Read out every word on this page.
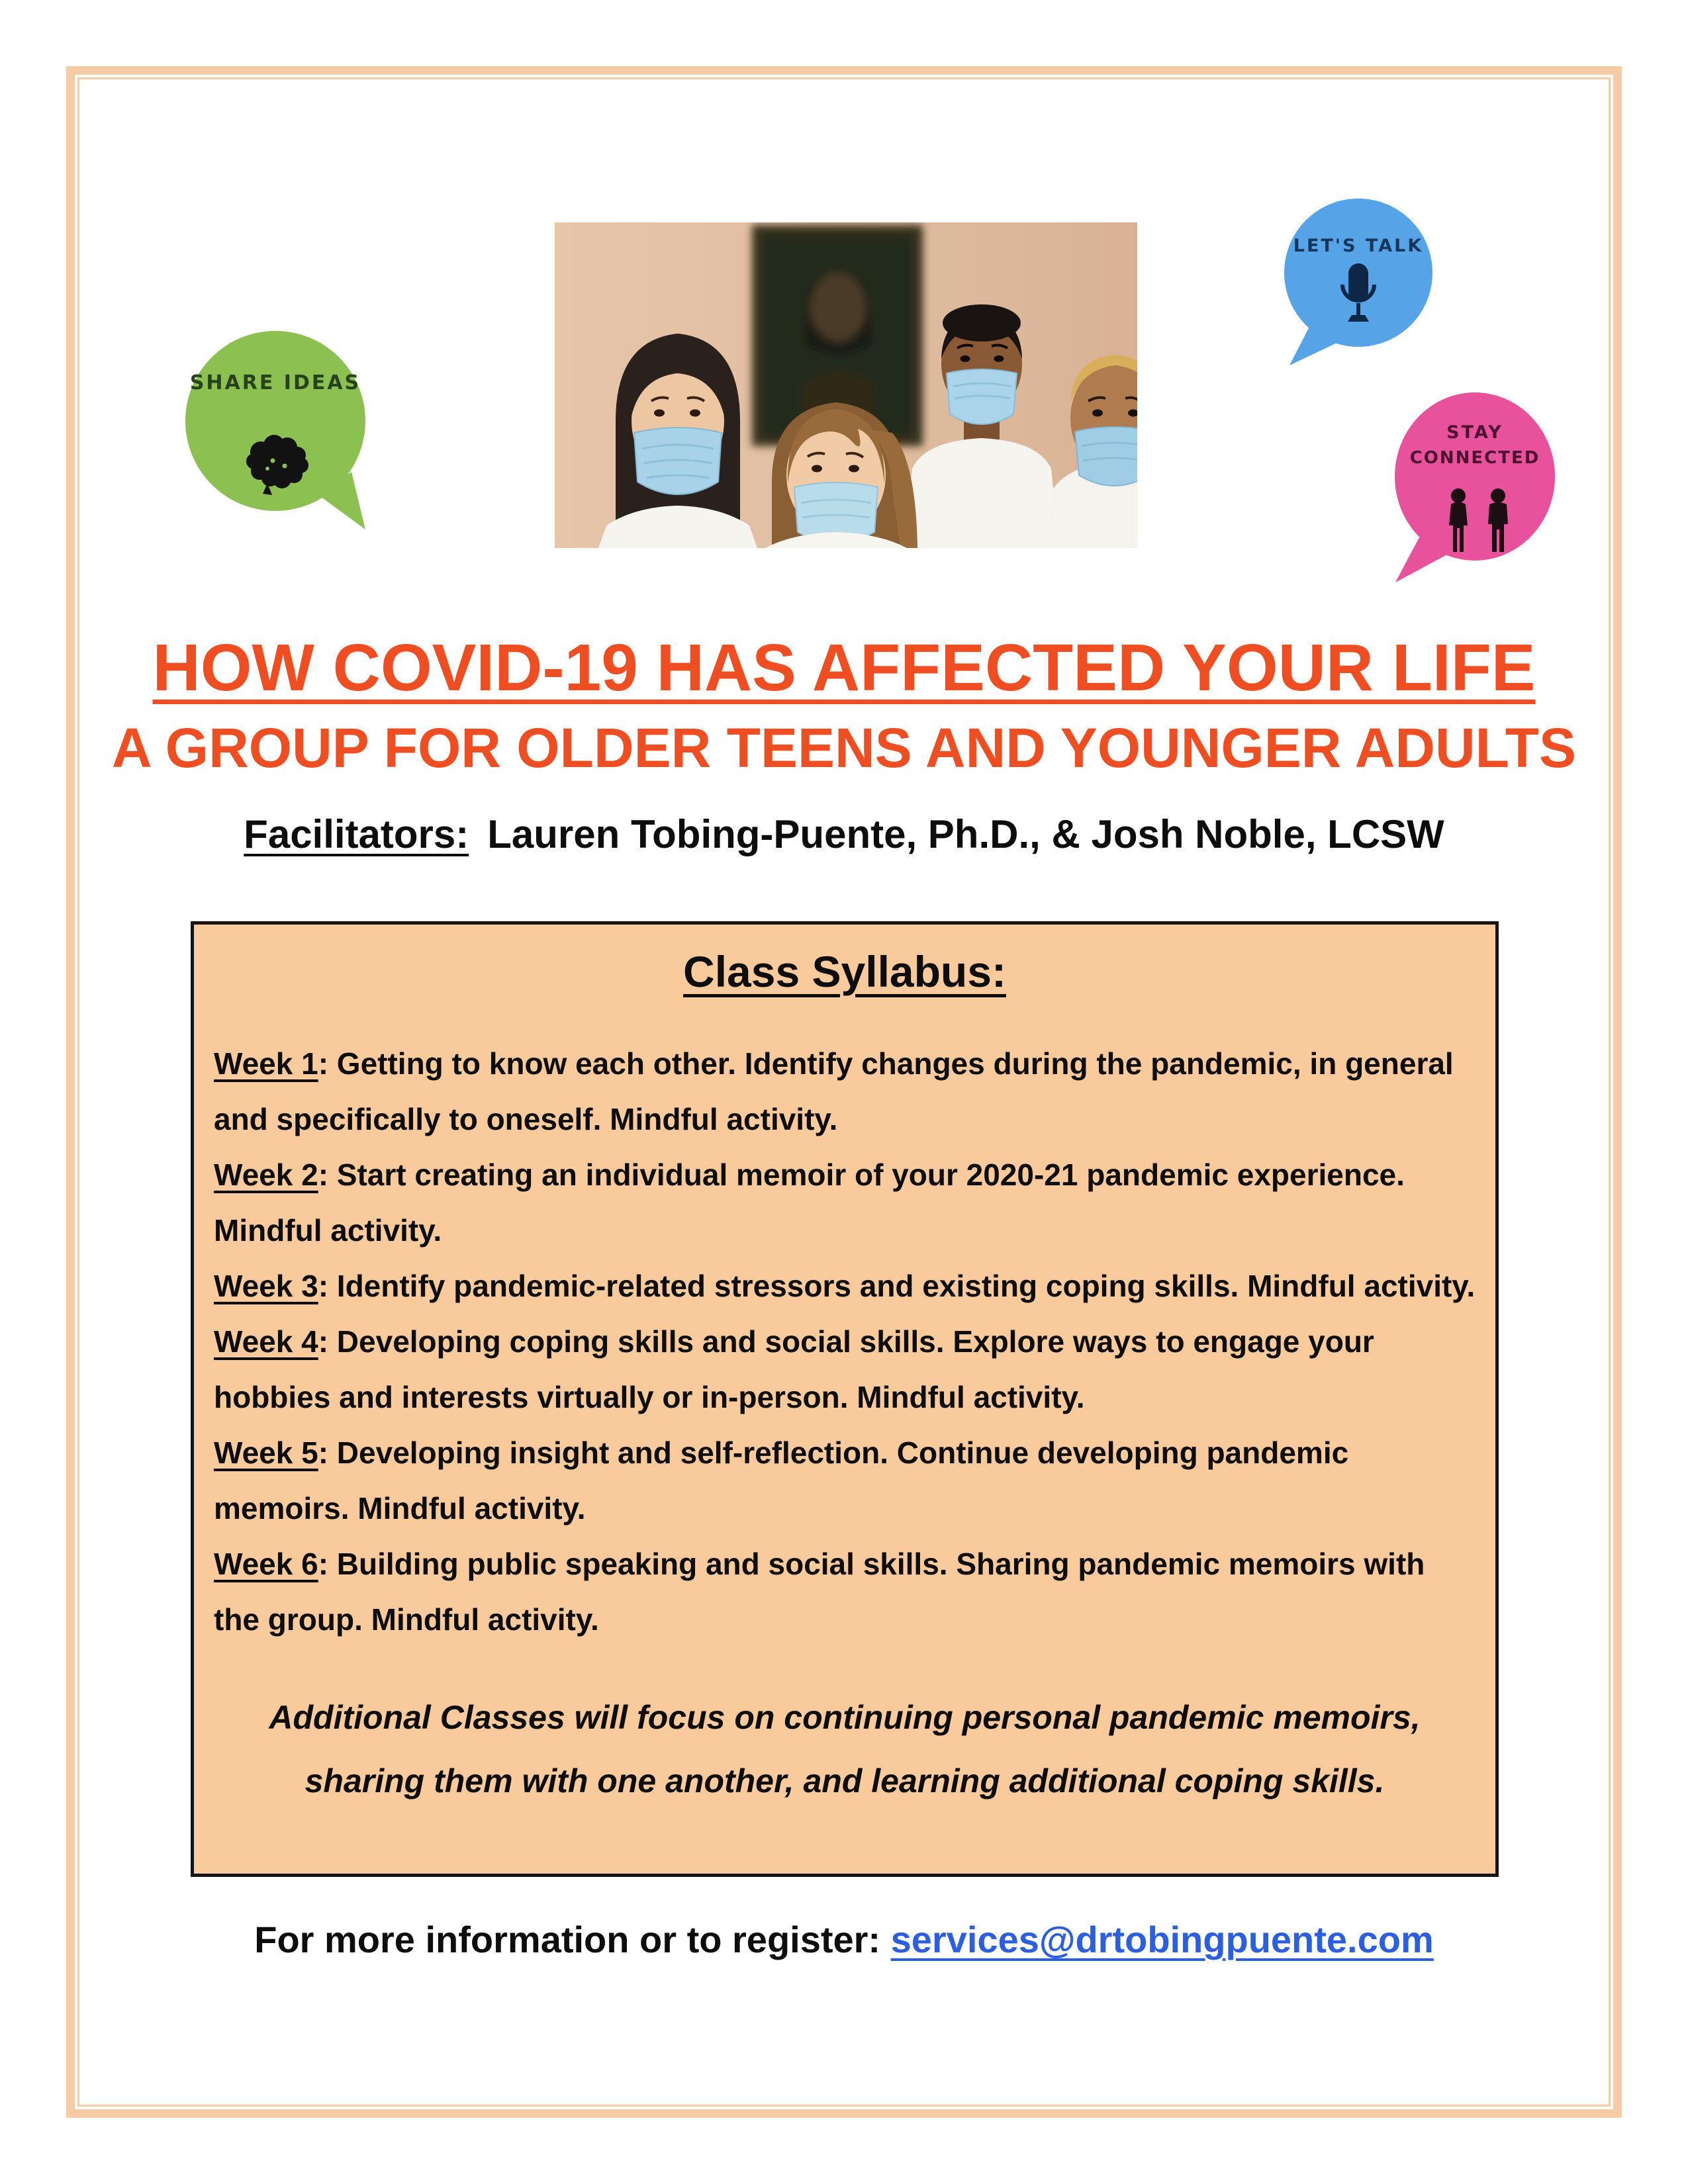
SHARE IDEAS
LET'S TALK
STAY
CONNECTED
HOW COVID-19 HAS AFFECTED YOUR LIFE
A GROUP FOR OLDER TEENS AND YOUNGER ADULTS
Facilitators: Lauren Tobing-Puente, Ph.D., & Josh Noble, LCSW
Class Syllabus:

Week 1: Getting to know each other. Identify changes during the pandemic, in general and specifically to oneself. Mindful activity.

Week 2: Start creating an individual memoir of your 2020-21 pandemic experience. Mindful activity.

Week 3: Identify pandemic-related stressors and existing coping skills. Mindful activity.

Week 4: Developing coping skills and social skills. Explore ways to engage your hobbies and interests virtually or in-person. Mindful activity.

Week 5: Developing insight and self-reflection. Continue developing pandemic memoirs. Mindful activity.

Week 6: Building public speaking and social skills. Sharing pandemic memoirs with the group. Mindful activity.

Additional Classes will focus on continuing personal pandemic memoirs, sharing them with one another, and learning additional coping skills.
For more information or to register: services@drtobingpuente.com
